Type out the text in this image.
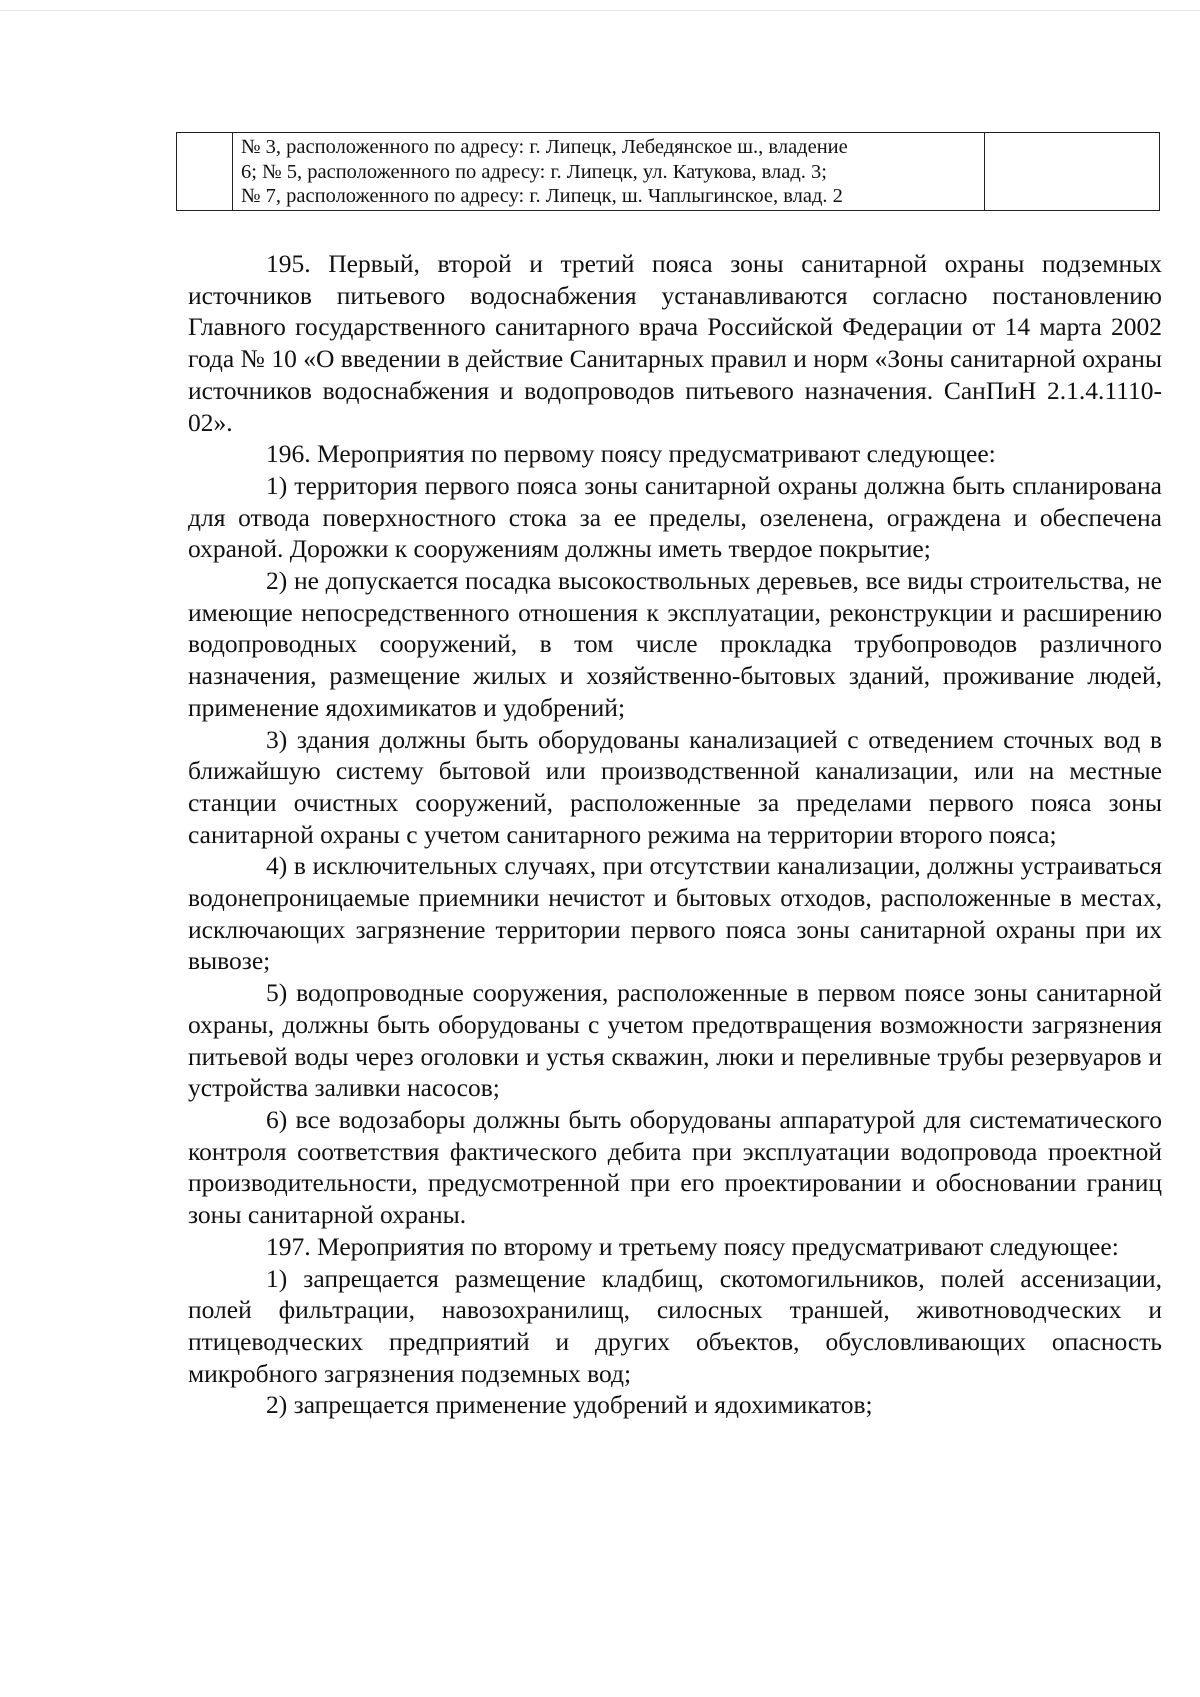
№ 3, расположенного по адресу: г. Липецк, Лебедянское ш., владение
6; № 5, расположенного по адресу: г. Липецк, ул. Катукова, влад. 3;
№ 7, расположенного по адресу: г. Липецк, ш. Чаплыгинское, влад. 2

195. Первый, второй и третий пояса зоны санитарной охраны подземных источников питьевого водоснабжения устанавливаются согласно постановлению Главного государственного санитарного врача Российской Федерации от 14 марта 2002 года № 10 «О введении в действие Санитарных правил и норм «Зоны санитарной охраны источников водоснабжения и водопроводов питьевого назначения. СанПиН 2.1.4.1110-02».

196. Мероприятия по первому поясу предусматривают следующее:

1) территория первого пояса зоны санитарной охраны должна быть спланирована для отвода поверхностного стока за ее пределы, озеленена, ограждена и обеспечена охраной. Дорожки к сооружениям должны иметь твердое покрытие;

2) не допускается посадка высокоствольных деревьев, все виды строительства, не имеющие непосредственного отношения к эксплуатации, реконструкции и расширению водопроводных сооружений, в том числе прокладка трубопроводов различного назначения, размещение жилых и хозяйственно-бытовых зданий, проживание людей, применение ядохимикатов и удобрений;

3) здания должны быть оборудованы канализацией с отведением сточных вод в ближайшую систему бытовой или производственной канализации, или на местные станции очистных сооружений, расположенные за пределами первого пояса зоны санитарной охраны с учетом санитарного режима на территории второго пояса;

4) в исключительных случаях, при отсутствии канализации, должны устраиваться водонепроницаемые приемники нечистот и бытовых отходов, расположенные в местах, исключающих загрязнение территории первого пояса зоны санитарной охраны при их вывозе;

5) водопроводные сооружения, расположенные в первом поясе зоны санитарной охраны, должны быть оборудованы с учетом предотвращения возможности загрязнения питьевой воды через оголовки и устья скважин, люки и переливные трубы резервуаров и устройства заливки насосов;

6) все водозаборы должны быть оборудованы аппаратурой для систематического контроля соответствия фактического дебита при эксплуатации водопровода проектной производительности, предусмотренной при его проектировании и обосновании границ зоны санитарной охраны.

197. Мероприятия по второму и третьему поясу предусматривают следующее:

1) запрещается размещение кладбищ, скотомогильников, полей ассенизации, полей фильтрации, навозохранилищ, силосных траншей, животноводческих и птицеводческих предприятий и других объектов, обусловливающих опасность микробного загрязнения подземных вод;

2) запрещается применение удобрений и ядохимикатов;
